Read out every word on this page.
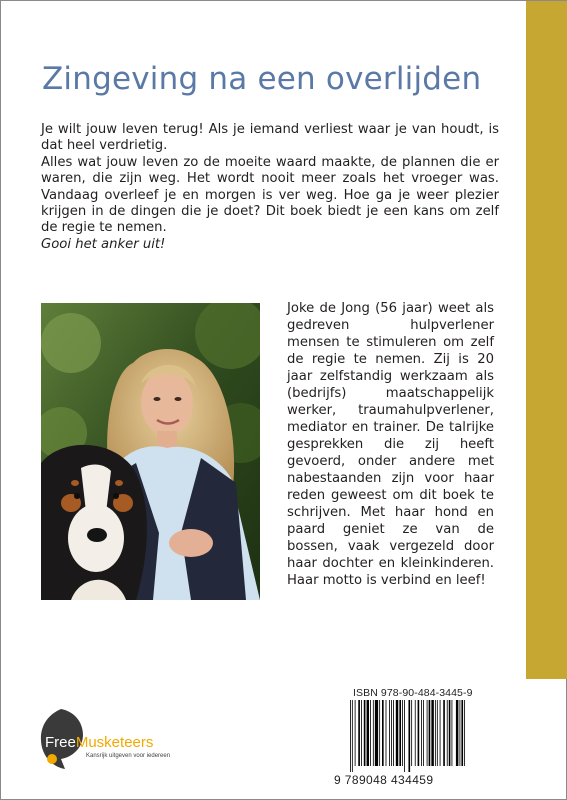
Zingeving na een overlijden

Je wilt jouw leven terug! Als je iemand verliest waar je van houdt, is dat heel verdrietig.

Alles wat jouw leven zo de moeite waard maakte, de plannen die er waren, die zijn weg. Het wordt nooit meer zoals het vroeger was. Vandaag overleef je en morgen is ver weg. Hoe ga je weer plezier krijgen in de dingen die je doet? Dit boek biedt je een kans om zelf de regie te nemen.

Gooi het anker uit!

Joke de Jong (56 jaar) weet als gedreven hulpverlener mensen te stimuleren om zelf de regie te nemen. Zij is 20 jaar zelfstandig werkzaam als (bedrijfs) maatschappelijk werker, traumahulpverlener, mediator en trainer. De talrijke gesprekken die zij heeft gevoerd, onder andere met nabestaanden zijn voor haar reden geweest om dit boek te schrijven. Met haar hond en paard geniet ze van de bossen, vaak vergezeld door haar dochter en kleinkinderen. Haar motto is verbind en leef!

FreeMusketeers
Kansrijk uitgeven voor iedereen
ISBN 978-90-484-3445-9
9 789048 434459
